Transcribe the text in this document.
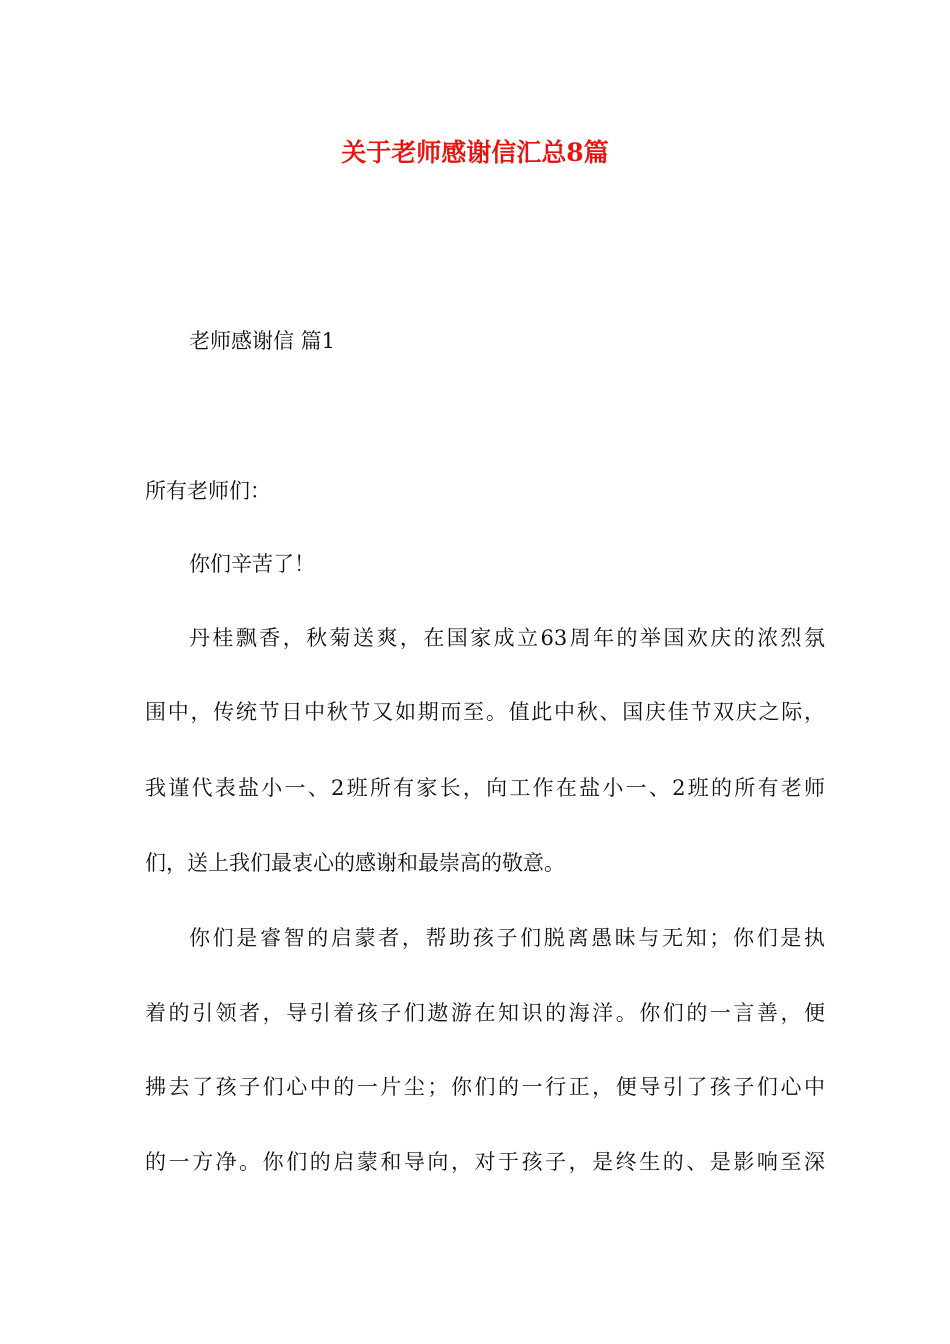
关于老师感谢信汇总8篇

老师感谢信 篇1

所有老师们：

你们辛苦了！

丹桂飘香，秋菊送爽，在国家成立63周年的举国欢庆的浓烈氛

围中，传统节日中秋节又如期而至。值此中秋、国庆佳节双庆之际，

我谨代表盐小一、2班所有家长，向工作在盐小一、2班的所有老师

们，送上我们最衷心的感谢和最崇高的敬意。

你们是睿智的启蒙者，帮助孩子们脱离愚昧与无知；你们是执

着的引领者，导引着孩子们遨游在知识的海洋。你们的一言善，便

拂去了孩子们心中的一片尘；你们的一行正，便导引了孩子们心中

的一方净。你们的启蒙和导向，对于孩子，是终生的、是影响至深
